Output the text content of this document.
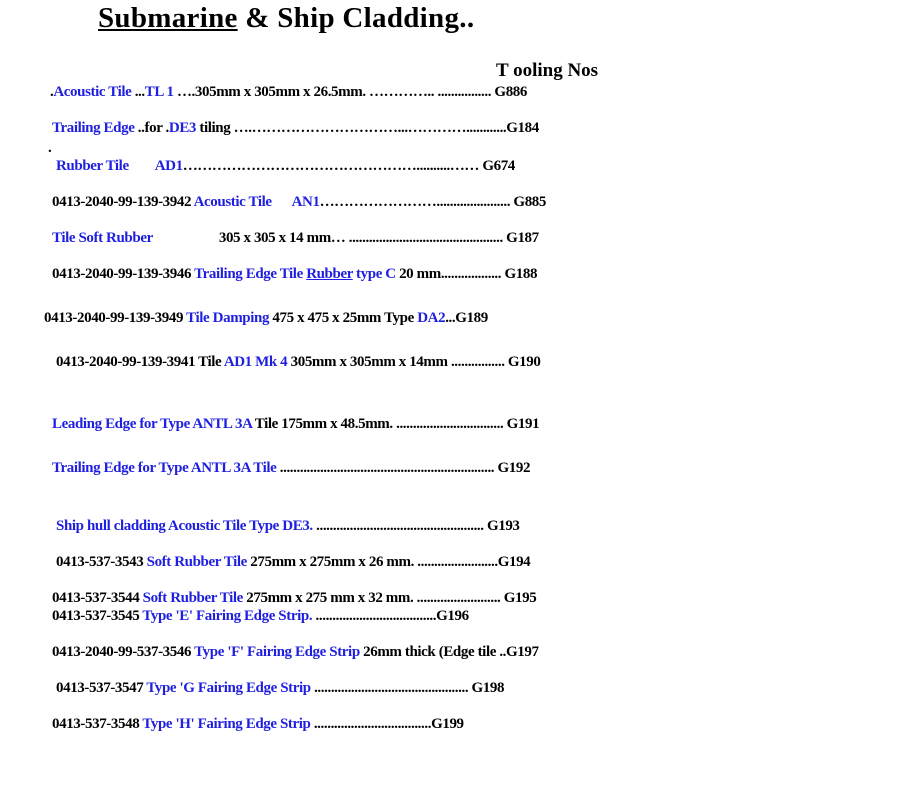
Submarine & Ship Cladding..
T ooling Nos
.Acoustic Tile ...TL 1 ….305mm x 305mm x 26.5mm. ………….. ................ G886
Trailing Edge ..for .DE3 tiling ….…………………………...…………............G184
.
Rubber Tile AD1…………………………………………..........…… G674
0413-2040-99-139-3942 Acoustic Tile AN1……………………...................... G885
Tile Soft Rubber	305 x 305 x 14 mm… .............................................. G187
0413-2040-99-139-3946 Trailing Edge Tile Rubber type C 20 mm.................. G188
0413-2040-99-139-3949 Tile Damping 475 x 475 x 25mm Type DA2...G189
0413-2040-99-139-3941 Tile AD1 Mk 4 305mm x 305mm x 14mm ................ G190
Leading Edge for Type ANTL 3A Tile 175mm x 48.5mm. ................................ G191
Trailing Edge for Type ANTL 3A Tile ................................................................ G192
Ship hull cladding Acoustic Tile Type DE3. .................................................. G193
0413-537-3543 Soft Rubber Tile 275mm x 275mm x 26 mm. ........................G194
0413-537-3544 Soft Rubber Tile 275mm x 275 mm x 32 mm. ......................... G195
0413-537-3545 Type 'E' Fairing Edge Strip. ....................................G196
0413-2040-99-537-3546 Type 'F' Fairing Edge Strip 26mm thick (Edge tile ..G197
0413-537-3547 Type 'G Fairing Edge Strip .............................................. G198
0413-537-3548 Type 'H' Fairing Edge Strip ...................................G199
